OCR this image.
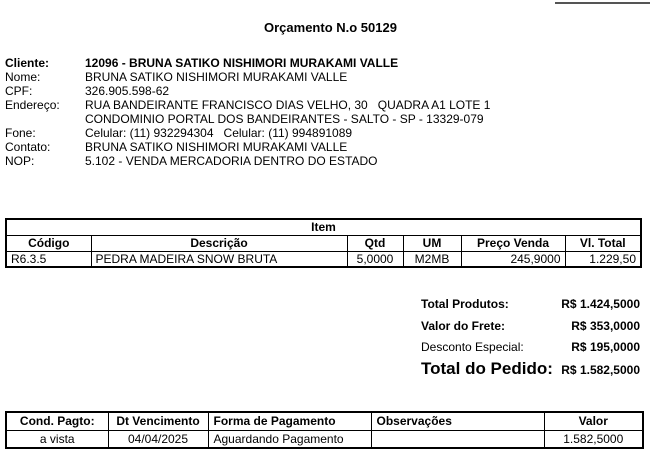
Orçamento N.o 50129
Cliente:	12096 - BRUNA SATIKO NISHIMORI MURAKAMI VALLE
Nome:	BRUNA SATIKO NISHIMORI MURAKAMI VALLE
CPF:	326.905.598-62
Endereço:	RUA BANDEIRANTE FRANCISCO DIAS VELHO, 30   QUADRA A1 LOTE 1
CONDOMINIO PORTAL DOS BANDEIRANTES - SALTO - SP - 13329-079
Fone:	Celular: (11) 932294304   Celular: (11) 994891089
Contato:	BRUNA SATIKO NISHIMORI MURAKAMI VALLE
NOP:	5.102 - VENDA MERCADORIA DENTRO DO ESTADO
Item					
Código	Descrição	Qtd	UM	Preço Venda	Vl. Total
R6.3.5	PEDRA MADEIRA SNOW BRUTA	5,0000	M2MB	245,9000	1.229,50
Total Produtos:	R$ 1.424,5000
Valor do Frete:	R$ 353,0000
Desconto Especial:	R$ 195,0000
Total do Pedido: R$ 1.582,5000
Cond. Pagto:	Dt Vencimento	Forma de Pagamento	Observações	Valor
a vista	04/04/2025	Aguardando Pagamento		1.582,5000
